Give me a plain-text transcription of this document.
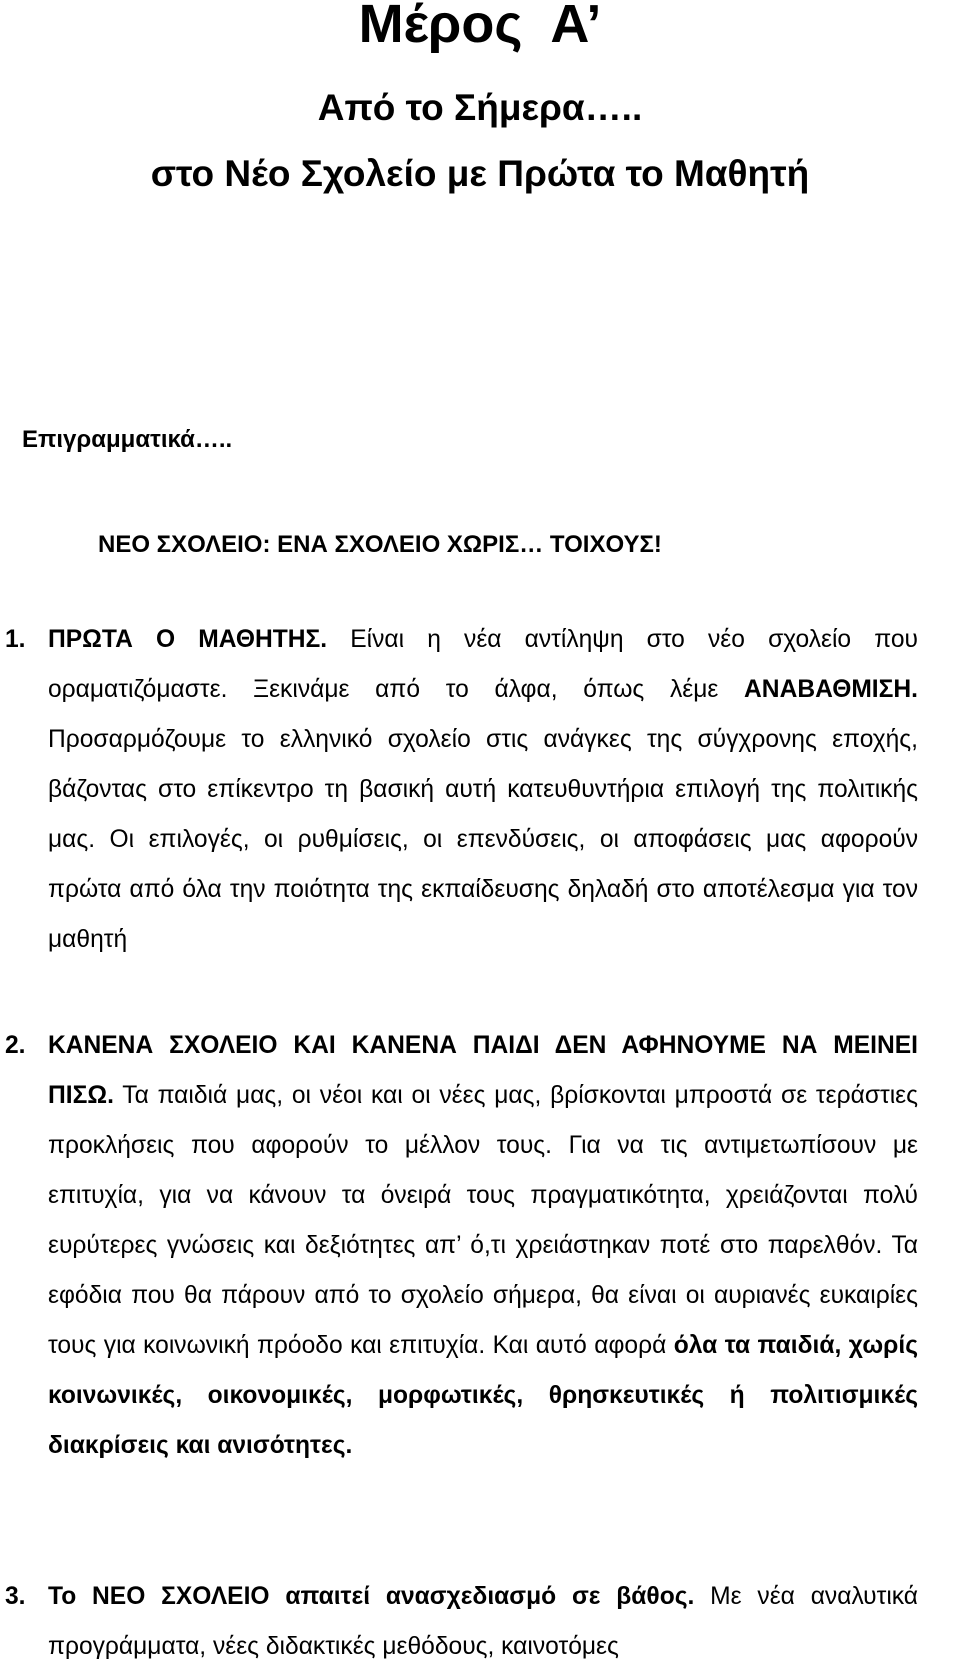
Μέρος  Α’
Από το Σήμερα…..
στο Νέο Σχολείο με Πρώτα το Μαθητή
Επιγραμματικά…..
ΝΕΟ ΣΧΟΛΕΙΟ: ΕΝΑ ΣΧΟΛΕΙΟ ΧΩΡΙΣ… ΤΟΙΧΟΥΣ!

1. ΠΡΩΤΑ Ο ΜΑΘΗΤΗΣ. Είναι η νέα αντίληψη στο νέο σχολείο που οραματιζόμαστε. Ξεκινάμε από το άλφα, όπως λέμε ΑΝΑΒΑΘΜΙΣΗ. Προσαρμόζουμε το ελληνικό σχολείο στις ανάγκες της σύγχρονης εποχής, βάζοντας στο επίκεντρο τη βασική αυτή κατευθυντήρια επιλογή της πολιτικής μας. Οι επιλογές, οι ρυθμίσεις, οι επενδύσεις, οι αποφάσεις μας αφορούν πρώτα από όλα την ποιότητα της εκπαίδευσης δηλαδή στο αποτέλεσμα για τον μαθητή

2. ΚΑΝΕΝΑ ΣΧΟΛΕΙΟ ΚΑΙ ΚΑΝΕΝΑ ΠΑΙΔΙ ΔΕΝ ΑΦΗΝΟΥΜΕ ΝΑ ΜΕΙΝΕΙ ΠΙΣΩ. Τα παιδιά μας, οι νέοι και οι νέες μας, βρίσκονται μπροστά σε τεράστιες προκλήσεις που αφορούν το μέλλον τους. Για να τις αντιμετωπίσουν με επιτυχία, για να κάνουν τα όνειρά τους πραγματικότητα, χρειάζονται πολύ ευρύτερες γνώσεις και δεξιότητες απ’ ό,τι χρειάστηκαν ποτέ στο παρελθόν. Τα εφόδια που θα πάρουν από το σχολείο σήμερα, θα είναι οι αυριανές ευκαιρίες τους για κοινωνική πρόοδο και επιτυχία. Και αυτό αφορά όλα τα παιδιά, χωρίς κοινωνικές, οικονομικές, μορφωτικές, θρησκευτικές ή πολιτισμικές διακρίσεις και ανισότητες.

3. Το ΝΕΟ ΣΧΟΛΕΙΟ απαιτεί ανασχεδιασμό σε βάθος. Με νέα αναλυτικά προγράμματα, νέες διδακτικές μεθόδους, καινοτόμες
